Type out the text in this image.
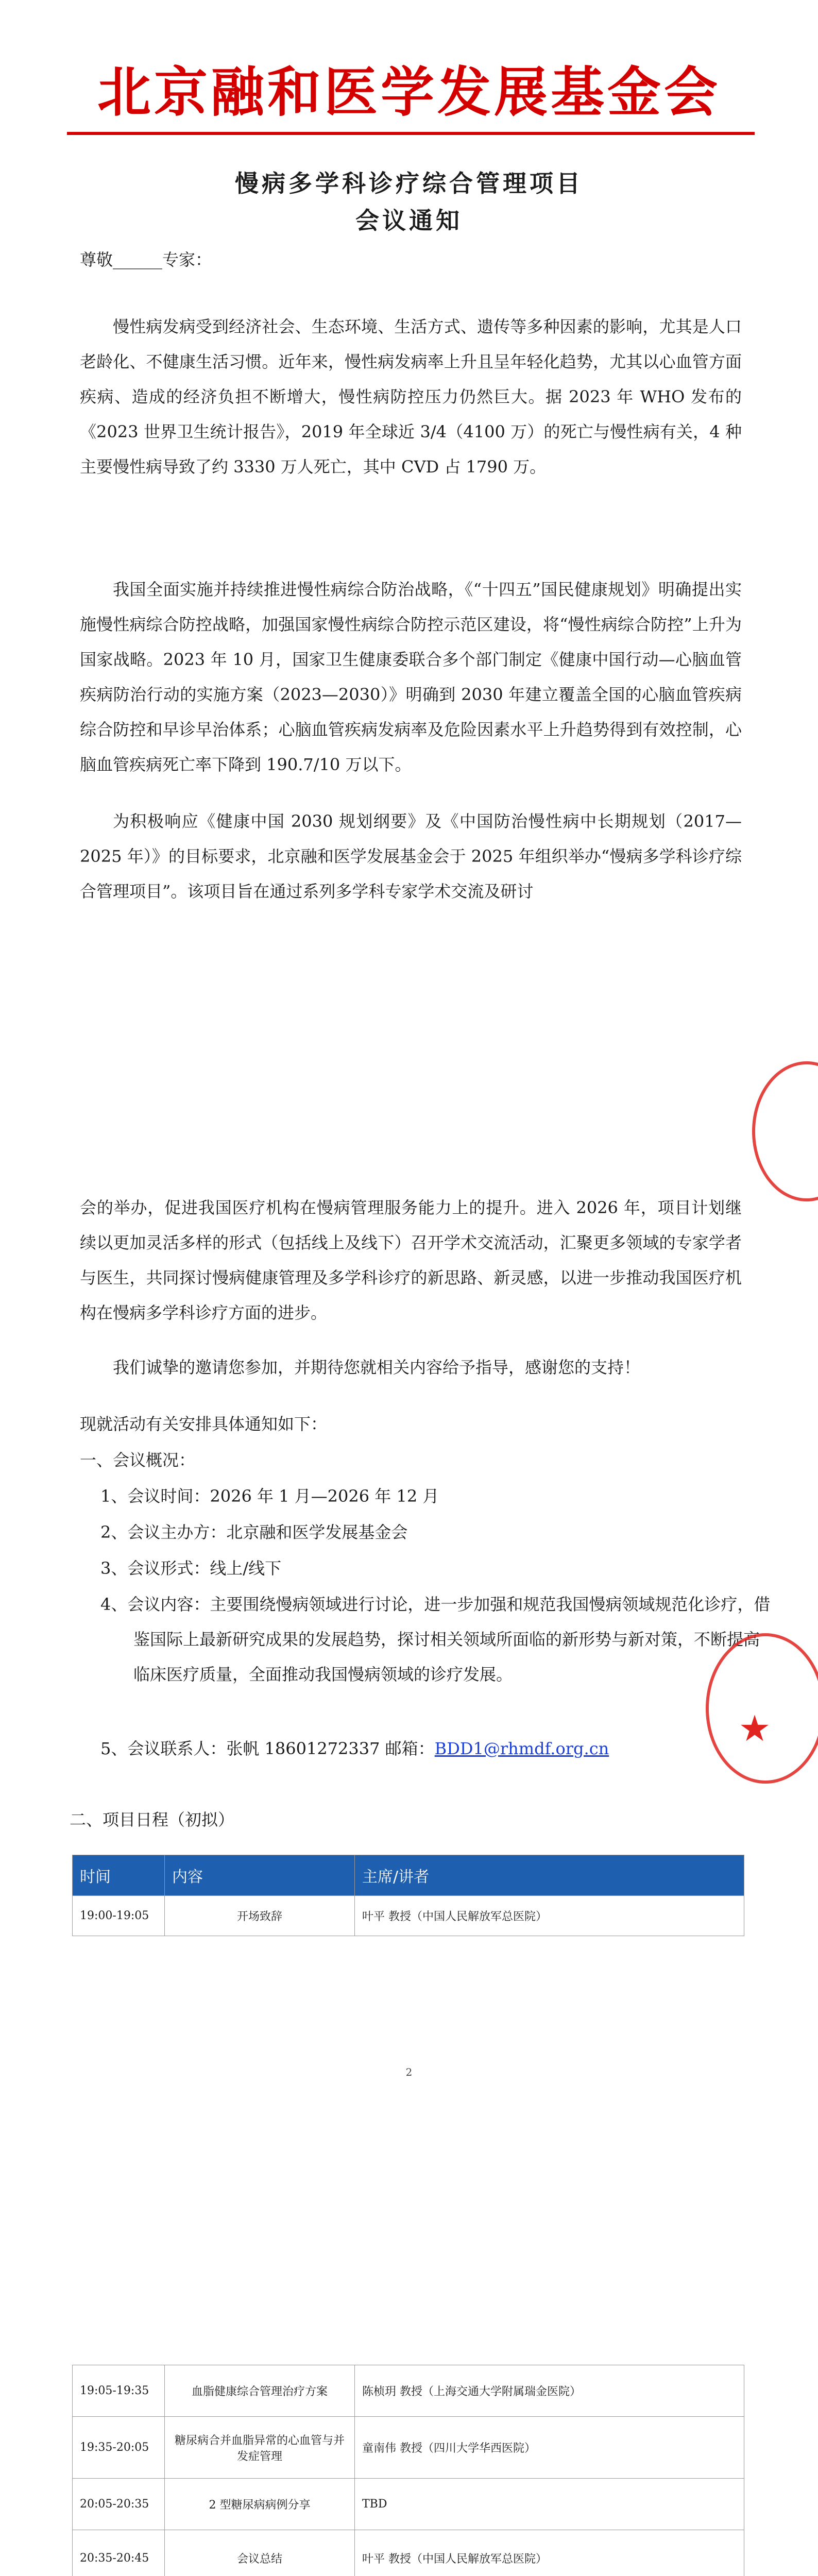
北京融和医学发展基金会
慢病多学科诊疗综合管理项目
会议通知
尊敬______专家：
慢性病发病受到经济社会、生态环境、生活方式、遗传等多种因素的影响，尤其是人口老龄化、不健康生活习惯。近年来，慢性病发病率上升且呈年轻化趋势，尤其以心血管方面疾病、造成的经济负担不断增大，慢性病防控压力仍然巨大。据 2023 年 WHO 发布的《2023 世界卫生统计报告》，2019 年全球近 3/4（4100 万）的死亡与慢性病有关，4 种主要慢性病导致了约 3330 万人死亡，其中 CVD 占 1790 万。
我国全面实施并持续推进慢性病综合防治战略，《“十四五”国民健康规划》明确提出实施慢性病综合防控战略，加强国家慢性病综合防控示范区建设，将“慢性病综合防控”上升为国家战略。2023 年 10 月，国家卫生健康委联合多个部门制定《健康中国行动—心脑血管疾病防治行动的实施方案（2023—2030）》明确到 2030 年建立覆盖全国的心脑血管疾病综合防控和早诊早治体系；心脑血管疾病发病率及危险因素水平上升趋势得到有效控制，心脑血管疾病死亡率下降到 190.7/10 万以下。
为积极响应《健康中国 2030 规划纲要》及《中国防治慢性病中长期规划（2017—2025 年）》的目标要求，北京融和医学发展基金会于 2025 年组织举办“慢病多学科诊疗综合管理项目”。该项目旨在通过系列多学科专家学术交流及研讨
会的举办，促进我国医疗机构在慢病管理服务能力上的提升。进入 2026 年，项目计划继续以更加灵活多样的形式（包括线上及线下）召开学术交流活动，汇聚更多领域的专家学者与医生，共同探讨慢病健康管理及多学科诊疗的新思路、新灵感，以进一步推动我国医疗机构在慢病多学科诊疗方面的进步。
我们诚挚的邀请您参加，并期待您就相关内容给予指导，感谢您的支持！
现就活动有关安排具体通知如下：
一、会议概况：
1、会议时间：2026 年 1 月—2026 年 12 月
2、会议主办方：北京融和医学发展基金会
3、会议形式：线上/线下
4、会议内容：主要围绕慢病领域进行讨论，进一步加强和规范我国慢病领域规范化诊疗，借鉴国际上最新研究成果的发展趋势，探讨相关领域所面临的新形势与新对策，不断提高临床医疗质量，全面推动我国慢病领域的诊疗发展。
5、会议联系人：张帆 18601272337 邮箱：BDD1@rhmdf.org.cn
二、项目日程（初拟）
时间	内容	主席/讲者
19:00-19:05	开场致辞	叶平 教授（中国人民解放军总医院）
2
19:05-19:35	血脂健康综合管理治疗方案	陈桢玥 教授（上海交通大学附属瑞金医院）
19:35-20:05	糖尿病合并血脂异常的心血管与并发症管理	童南伟 教授（四川大学华西医院）
20:05-20:35	2 型糖尿病病例分享	TBD
20:35-20:45	会议总结	叶平 教授（中国人民解放军总医院）
★
